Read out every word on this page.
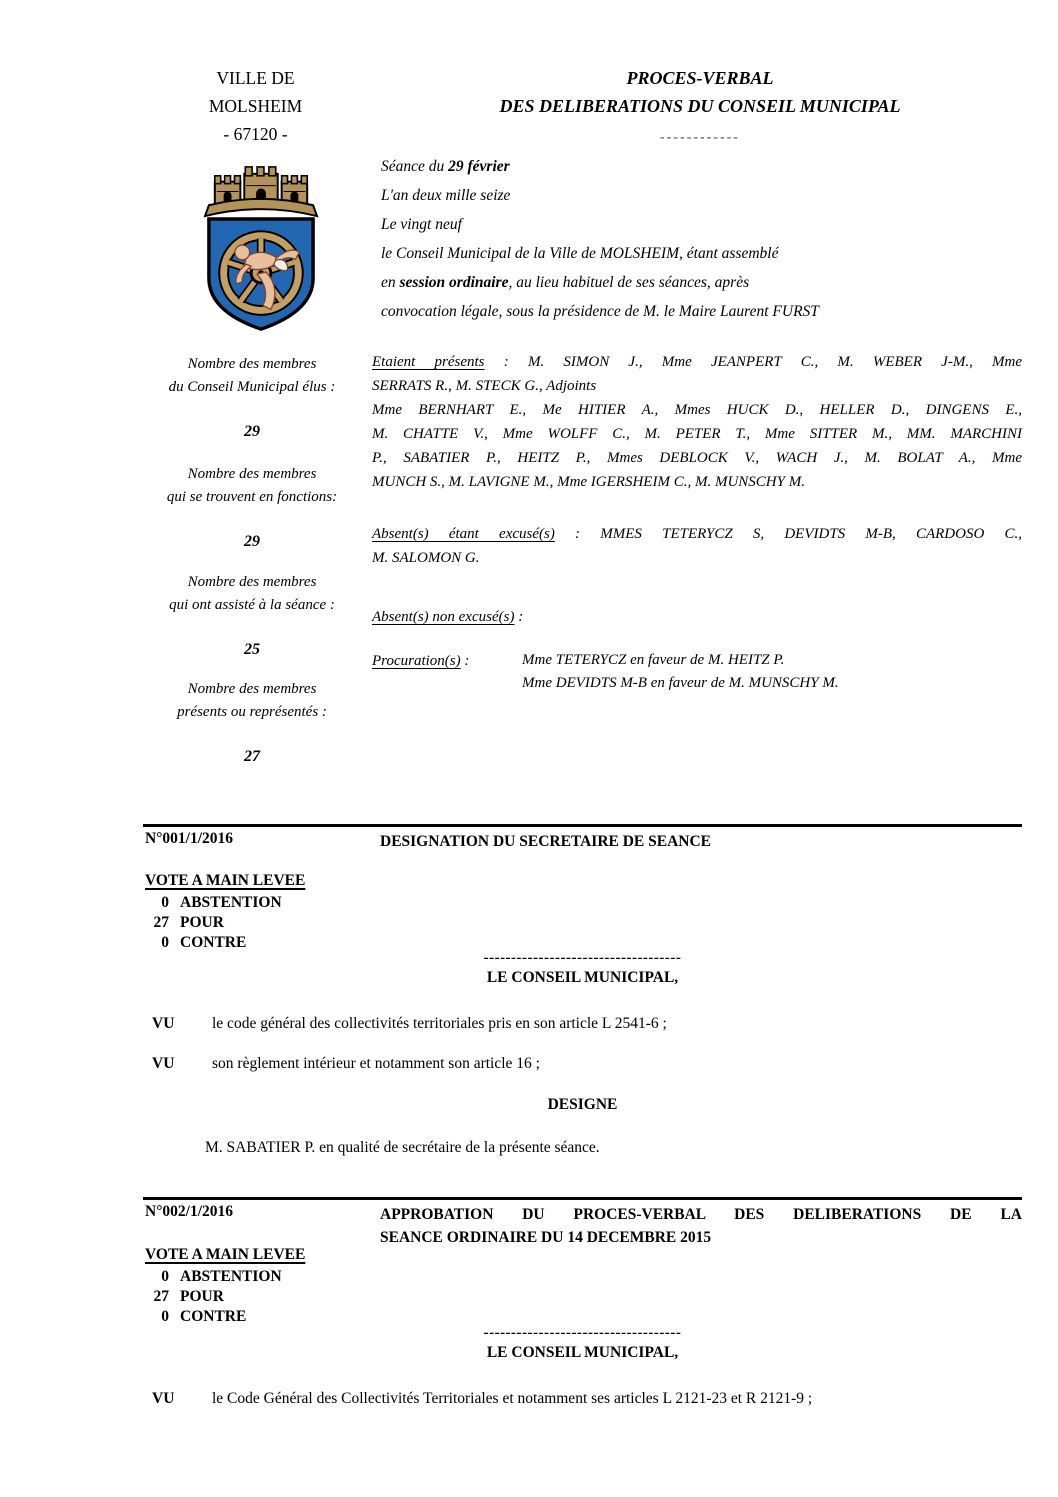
VILLE DE
MOLSHEIM
- 67120 -
PROCES-VERBAL
DES DELIBERATIONS DU CONSEIL MUNICIPAL
------------
Séance du 29 février
L'an deux mille seize
Le vingt neuf
le Conseil Municipal de la Ville de MOLSHEIM, étant assemblé
en session ordinaire, au lieu habituel de ses séances, après
convocation légale, sous la présidence de M. le Maire Laurent FURST
Nombre des membres
du Conseil Municipal élus :
29
Nombre des membres
qui se trouvent en fonctions:
29
Nombre des membres
qui ont assisté à la séance :
25
Nombre des membres
présents ou représentés :
27
Etaient présents : M. SIMON J., Mme JEANPERT C., M. WEBER J-M., Mme
SERRATS R., M. STECK G., Adjoints
Mme BERNHART E., Me HITIER A., Mmes HUCK D., HELLER D., DINGENS E.,
M. CHATTE V., Mme WOLFF C., M. PETER T., Mme SITTER M., MM. MARCHINI
P., SABATIER P., HEITZ P., Mmes DEBLOCK V., WACH J., M. BOLAT A., Mme
MUNCH S., M. LAVIGNE M., Mme IGERSHEIM C., M. MUNSCHY M.
Absent(s) étant excusé(s) : MMES TETERYCZ S, DEVIDTS M-B, CARDOSO C.,
M. SALOMON G.
Absent(s) non excusé(s) :
Procuration(s) :	Mme TETERYCZ en faveur de M. HEITZ P.
Mme DEVIDTS M-B en faveur de M. MUNSCHY M.
N°001/1/2016	DESIGNATION DU SECRETAIRE DE SEANCE
VOTE A MAIN LEVEE
0 ABSTENTION
27 POUR
0 CONTRE
------------------------------------
LE CONSEIL MUNICIPAL,
VU	le code général des collectivités territoriales pris en son article L 2541-6 ;
VU	son règlement intérieur et notamment son article 16 ;
DESIGNE
M. SABATIER P. en qualité de secrétaire de la présente séance.
N°002/1/2016	APPROBATION DU PROCES-VERBAL DES DELIBERATIONS DE LA
SEANCE ORDINAIRE DU 14 DECEMBRE 2015
VOTE A MAIN LEVEE
0 ABSTENTION
27 POUR
0 CONTRE
------------------------------------
LE CONSEIL MUNICIPAL,
VU	le Code Général des Collectivités Territoriales et notamment ses articles L 2121-23 et R 2121-9 ;
